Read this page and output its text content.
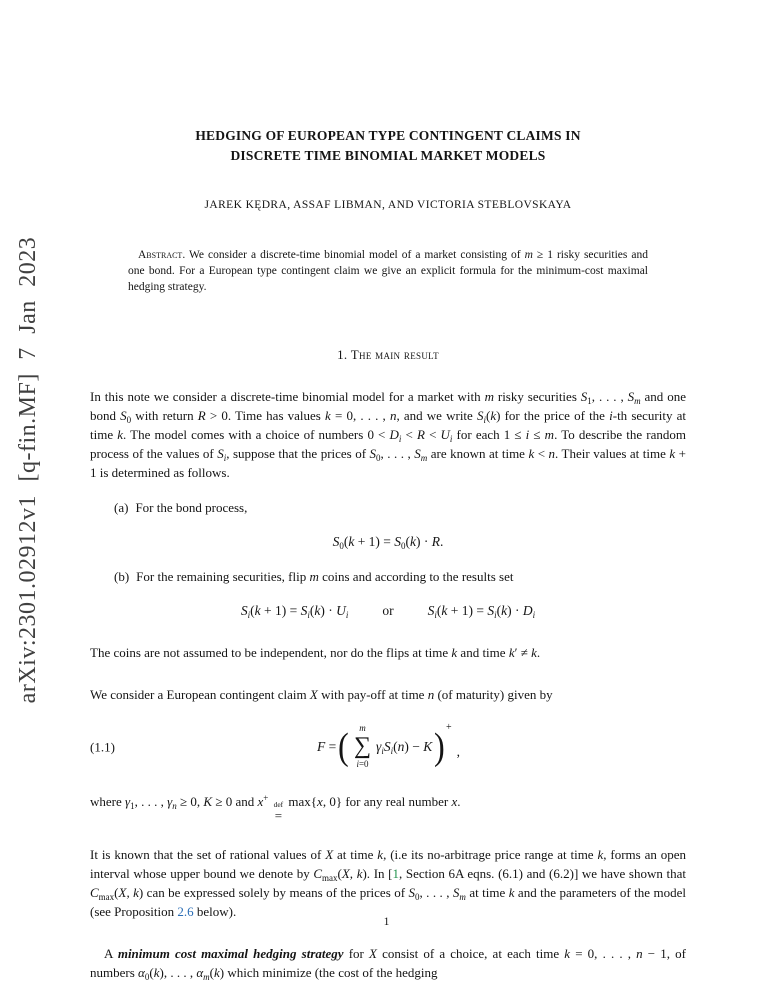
arXiv:2301.02912v1 [q-fin.MF] 7 Jan 2023
HEDGING OF EUROPEAN TYPE CONTINGENT CLAIMS IN
DISCRETE TIME BINOMIAL MARKET MODELS
JAREK KĘDRA, ASSAF LIBMAN, AND VICTORIA STEBLOVSKAYA

Abstract. We consider a discrete-time binomial model of a market consisting of m ≥ 1 risky securities and one bond. For a European type contingent claim we give an explicit formula for the minimum-cost maximal hedging strategy.

1. The main result

In this note we consider a discrete-time binomial model for a market with m risky securities $S_1$, . . . , $S_m$ and one bond $S_0$ with return R > 0. Time has values k = 0, . . . , n, and we write $S_i(k)$ for the price of the i-th security at time k. The model comes with a choice of numbers $0 < D_i < R < U_i$ for each 1 ≤ i ≤ m. To describe the random process of the values of $S_i$, suppose that the prices of $S_0$, . . . , $S_m$ are known at time k < n. Their values at time k + 1 is determined as follows.

(a) For the bond process,
$S_0(k + 1) = S_0(k) \cdot R$.
(b) For the remaining securities, flip m coins and according to the results set
$S_i(k + 1) = S_i(k) \cdot U_i$	or	$S_i(k + 1) = S_i(k) \cdot D_i$

The coins are not assumed to be independent, nor do the flips at time k and time k′ ≠ k.

We consider a European contingent claim X with pay-off at time n (of maturity) given by

(1.1)	F = ( m
∑
i=0
$\gamma_iS_i(n) - K$ ) +
,

where $\gamma_1$, . . . , $\gamma_n \ge 0$, K ≥ 0 and x+
def
=
max{x, 0} for any real number x.

It is known that the set of rational values of X at time k, (i.e its no-arbitrage price range at time k, forms an open interval whose upper bound we denote by $C_{max}(X$, k). In [1, Section 6A eqns. (6.1) and (6.2)] we have shown that $C_{max}(X$, k) can be expressed solely by means of the prices of $S_0$, . . . , $S_m$ at time k and the parameters of the model (see Proposition 2.6 below).

A minimum cost maximal hedging strategy for X consist of a choice, at each time k = 0, . . . , n − 1, of numbers $\alpha_0(k)$, . . . , $\alpha_m(k)$ which minimize (the cost of the hedging

1
